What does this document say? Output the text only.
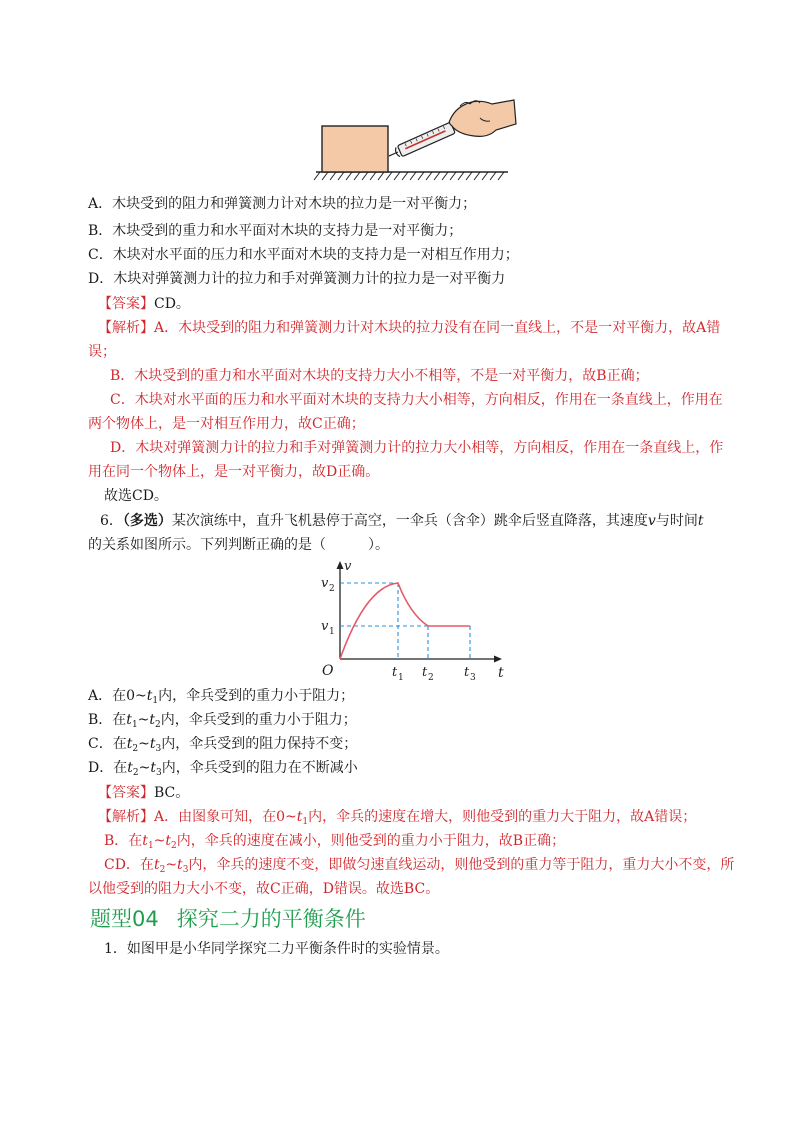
A．木块受到的阻力和弹簧测力计对木块的拉力是一对平衡力；
B．木块受到的重力和水平面对木块的支持力是一对平衡力；
C．木块对水平面的压力和水平面对木块的支持力是一对相互作用力；
D．木块对弹簧测力计的拉力和手对弹簧测力计的拉力是一对平衡力
【答案】CD。
【解析】A．木块受到的阻力和弹簧测力计对木块的拉力没有在同一直线上，不是一对平衡力，故A错
误；
B．木块受到的重力和水平面对木块的支持力大小不相等，不是一对平衡力，故B正确；
C．木块对水平面的压力和水平面对木块的支持力大小相等，方向相反，作用在一条直线上，作用在
两个物体上，是一对相互作用力，故C正确；
D．木块对弹簧测力计的拉力和手对弹簧测力计的拉力大小相等，方向相反，作用在一条直线上，作
用在同一个物体上，是一对平衡力，故D正确。
故选CD。
6．（多选）某次演练中，直升飞机悬停于高空，一伞兵（含伞）跳伞后竖直降落，其速度v与时间t
的关系如图所示。下列判断正确的是（　　　）。
v
t
O
v 2
v 1
t 1 t 2 t 3
A．在$0\sim t_1$内，伞兵受到的重力小于阻力；
B．在$t_1\sim t_2$内，伞兵受到的重力小于阻力；
C．在$t_2\sim t_3$内，伞兵受到的阻力保持不变；
D．在$t_2\sim t_3$内，伞兵受到的阻力在不断减小
【答案】BC。
【解析】A．由图象可知，在$0\sim t_1$内，伞兵的速度在增大，则他受到的重力大于阻力，故A错误；
B．在$t_1\sim t_2$内，伞兵的速度在减小，则他受到的重力小于阻力，故B正确；
CD．在$t_2\sim t_3$内，伞兵的速度不变，即做匀速直线运动，则他受到的重力等于阻力，重力大小不变，所
以他受到的阻力大小不变，故C正确，D错误。故选BC。
题型04 探究二力的平衡条件
1．如图甲是小华同学探究二力平衡条件时的实验情景。
